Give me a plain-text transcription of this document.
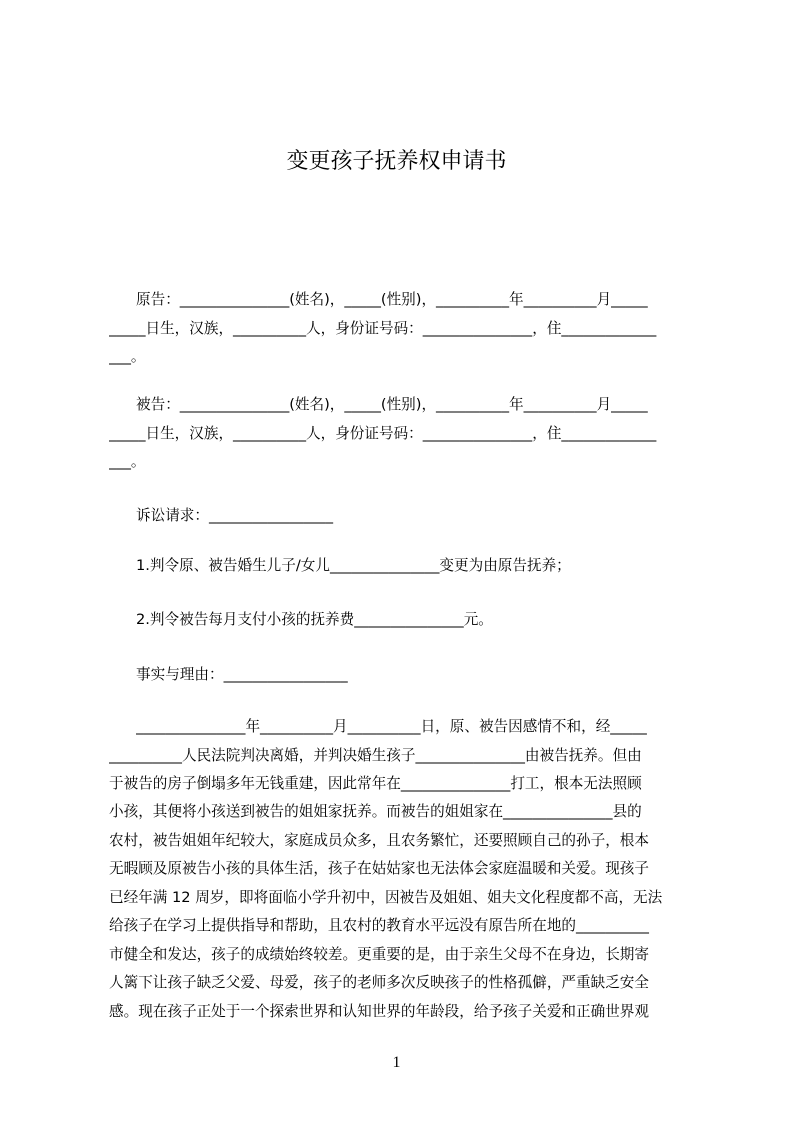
变更孩子抚养权申请书
原告：_______________(姓名)，_____(性别)，__________年__________月_____
_____日生，汉族，__________人，身份证号码：_______________，住_____________
___。
被告：_______________(姓名)，_____(性别)，__________年__________月_____
_____日生，汉族，__________人，身份证号码：_______________，住_____________
___。
诉讼请求：_________________
1.判令原、被告婚生儿子/女儿_______________变更为由原告抚养；
2.判令被告每月支付小孩的抚养费_______________元。
事实与理由：_________________
_______________年__________月__________日，原、被告因感情不和，经_____
__________人民法院判决离婚，并判决婚生孩子_______________由被告抚养。但由
于被告的房子倒塌多年无钱重建，因此常年在_______________打工，根本无法照顾
小孩，其便将小孩送到被告的姐姐家抚养。而被告的姐姐家在_______________县的
农村，被告姐姐年纪较大，家庭成员众多，且农务繁忙，还要照顾自己的孙子，根本
无暇顾及原被告小孩的具体生活，孩子在姑姑家也无法体会家庭温暖和关爱。现孩子
已经年满 12 周岁，即将面临小学升初中，因被告及姐姐、姐夫文化程度都不高，无法
给孩子在学习上提供指导和帮助，且农村的教育水平远没有原告所在地的__________
市健全和发达，孩子的成绩始终较差。更重要的是，由于亲生父母不在身边，长期寄
人篱下让孩子缺乏父爱、母爱，孩子的老师多次反映孩子的性格孤僻，严重缺乏安全
感。现在孩子正处于一个探索世界和认知世界的年龄段，给予孩子关爱和正确世界观
1
